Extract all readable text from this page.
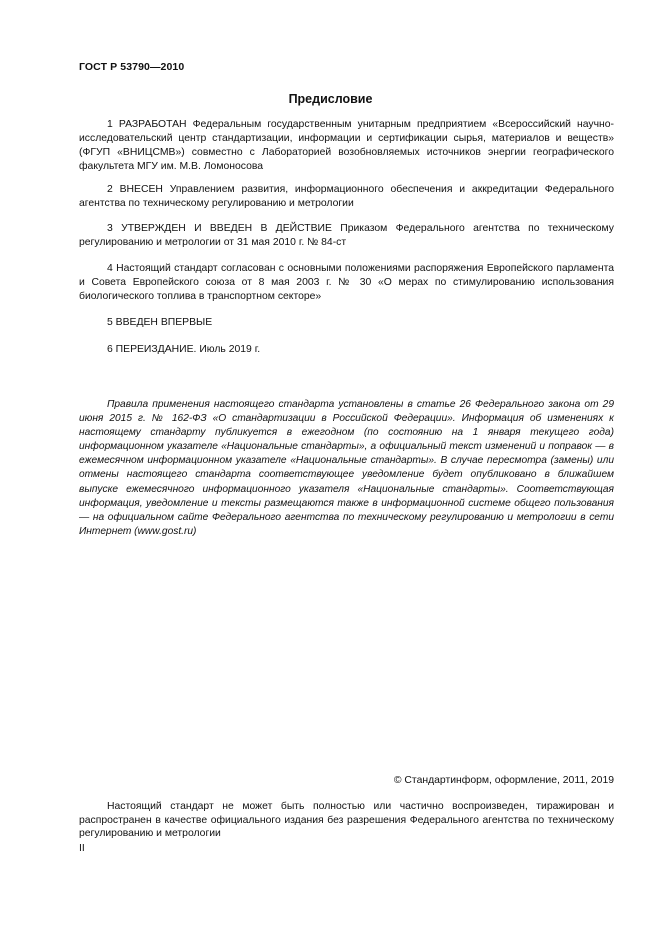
ГОСТ Р 53790—2010
Предисловие

1 РАЗРАБОТАН Федеральным государственным унитарным предприятием «Всероссийский научно-исследовательский центр стандартизации, информации и сертификации сырья, материалов и веществ» (ФГУП «ВНИЦСМВ») совместно с Лабораторией возобновляемых источников энергии географического факультета МГУ им. М.В. Ломоносова

2 ВНЕСЕН Управлением развития, информационного обеспечения и аккредитации Федерального агентства по техническому регулированию и метрологии

3 УТВЕРЖДЕН И ВВЕДЕН В ДЕЙСТВИЕ Приказом Федерального агентства по техническому регулированию и метрологии от 31 мая 2010 г. № 84-ст

4 Настоящий стандарт согласован с основными положениями распоряжения Европейского парламента и Совета Европейского союза от 8 мая 2003 г. № 30 «О мерах по стимулированию использования биологического топлива в транспортном секторе»

5 ВВЕДЕН ВПЕРВЫЕ

6 ПЕРЕИЗДАНИЕ. Июль 2019 г.

Правила применения настоящего стандарта установлены в статье 26 Федерального закона от 29 июня 2015 г. № 162-ФЗ «О стандартизации в Российской Федерации». Информация об изменениях к настоящему стандарту публикуется в ежегодном (по состоянию на 1 января текущего года) информационном указателе «Национальные стандарты», а официальный текст изменений и поправок — в ежемесячном информационном указателе «Национальные стандарты». В случае пересмотра (замены) или отмены настоящего стандарта соответствующее уведомление будет опубликовано в ближайшем выпуске ежемесячного информационного указателя «Национальные стандарты». Соответствующая информация, уведомление и тексты размещаются также в информационной системе общего пользования — на официальном сайте Федерального агентства по техническому регулированию и метрологии в сети Интернет (www.gost.ru)

© Стандартинформ, оформление, 2011, 2019

Настоящий стандарт не может быть полностью или частично воспроизведен, тиражирован и распространен в качестве официального издания без разрешения Федерального агентства по техническому регулированию и метрологии

II
